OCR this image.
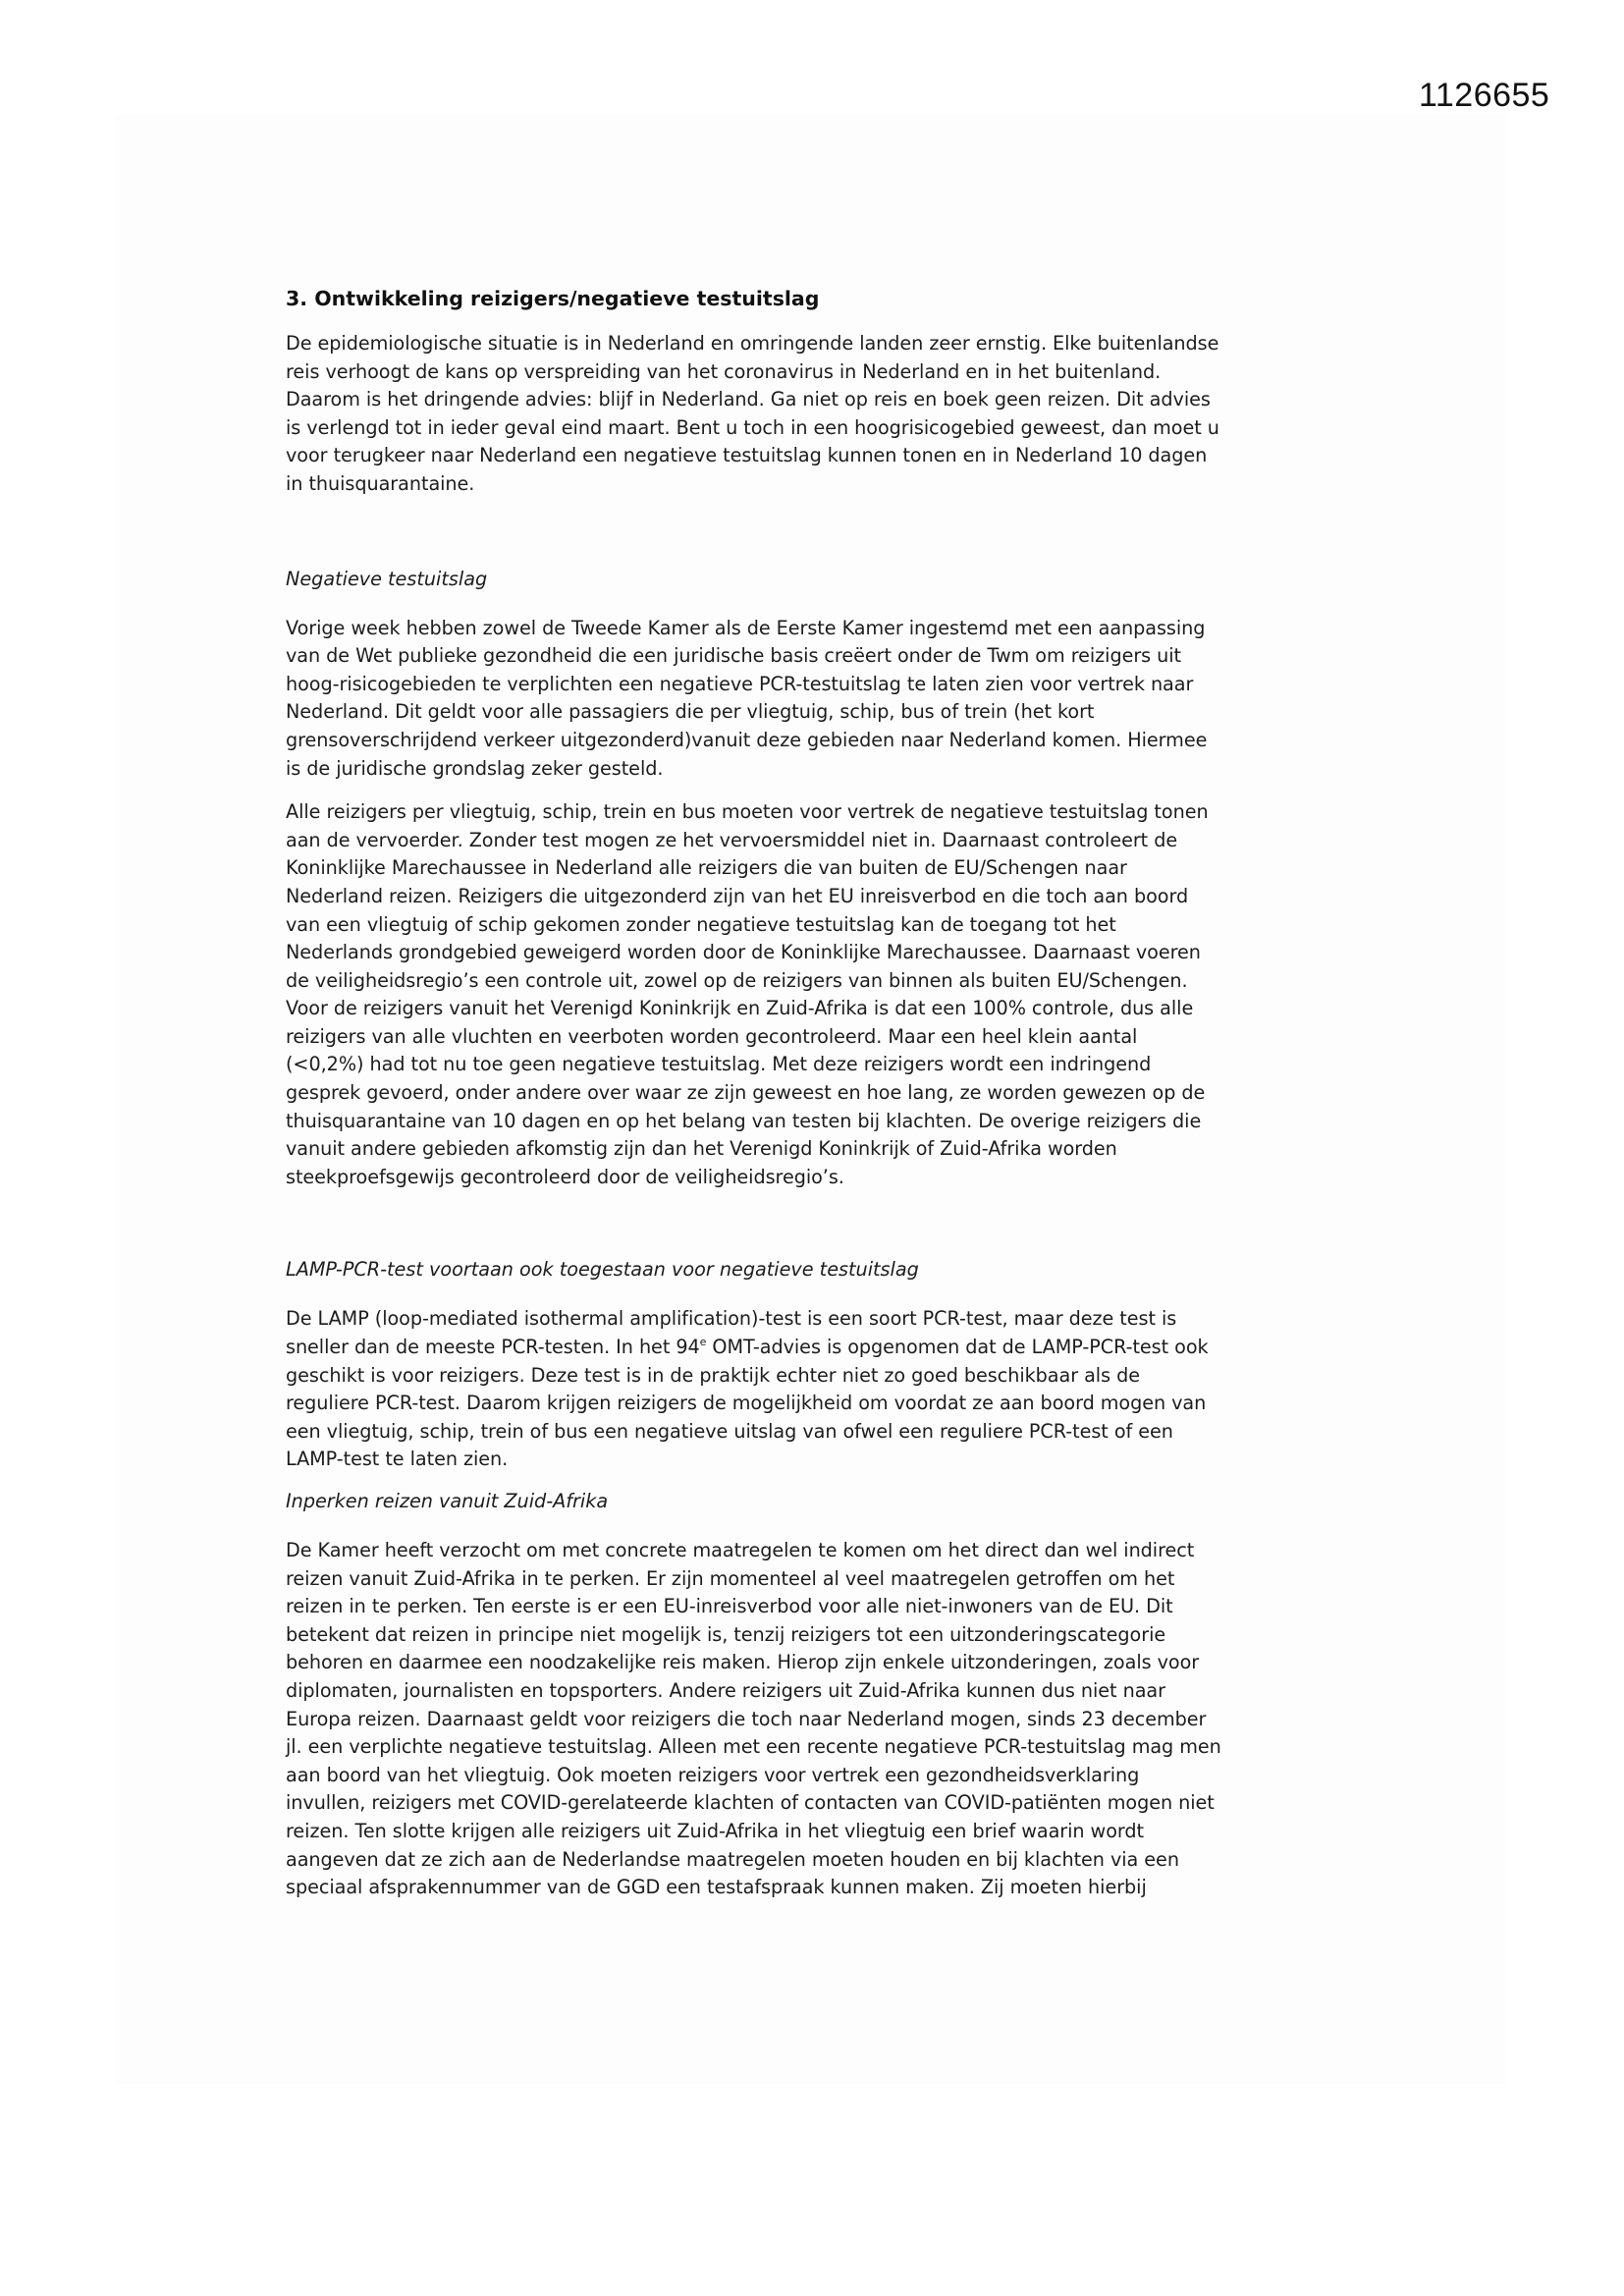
1126655
3. Ontwikkeling reizigers/negatieve testuitslag
De epidemiologische situatie is in Nederland en omringende landen zeer ernstig. Elke buitenlandse
reis verhoogt de kans op verspreiding van het coronavirus in Nederland en in het buitenland.
Daarom is het dringende advies: blijf in Nederland. Ga niet op reis en boek geen reizen. Dit advies
is verlengd tot in ieder geval eind maart. Bent u toch in een hoogrisicogebied geweest, dan moet u
voor terugkeer naar Nederland een negatieve testuitslag kunnen tonen en in Nederland 10 dagen
in thuisquarantaine.
Negatieve testuitslag
Vorige week hebben zowel de Tweede Kamer als de Eerste Kamer ingestemd met een aanpassing
van de Wet publieke gezondheid die een juridische basis creëert onder de Twm om reizigers uit
hoog-risicogebieden te verplichten een negatieve PCR-testuitslag te laten zien voor vertrek naar
Nederland. Dit geldt voor alle passagiers die per vliegtuig, schip, bus of trein (het kort
grensoverschrijdend verkeer uitgezonderd)vanuit deze gebieden naar Nederland komen. Hiermee
is de juridische grondslag zeker gesteld.
Alle reizigers per vliegtuig, schip, trein en bus moeten voor vertrek de negatieve testuitslag tonen
aan de vervoerder. Zonder test mogen ze het vervoersmiddel niet in. Daarnaast controleert de
Koninklijke Marechaussee in Nederland alle reizigers die van buiten de EU/Schengen naar
Nederland reizen. Reizigers die uitgezonderd zijn van het EU inreisverbod en die toch aan boord
van een vliegtuig of schip gekomen zonder negatieve testuitslag kan de toegang tot het
Nederlands grondgebied geweigerd worden door de Koninklijke Marechaussee. Daarnaast voeren
de veiligheidsregio’s een controle uit, zowel op de reizigers van binnen als buiten EU/Schengen.
Voor de reizigers vanuit het Verenigd Koninkrijk en Zuid-Afrika is dat een 100% controle, dus alle
reizigers van alle vluchten en veerboten worden gecontroleerd. Maar een heel klein aantal
(<0,2%) had tot nu toe geen negatieve testuitslag. Met deze reizigers wordt een indringend
gesprek gevoerd, onder andere over waar ze zijn geweest en hoe lang, ze worden gewezen op de
thuisquarantaine van 10 dagen en op het belang van testen bij klachten. De overige reizigers die
vanuit andere gebieden afkomstig zijn dan het Verenigd Koninkrijk of Zuid-Afrika worden
steekproefsgewijs gecontroleerd door de veiligheidsregio’s.
LAMP-PCR-test voortaan ook toegestaan voor negatieve testuitslag
De LAMP (loop-mediated isothermal amplification)-test is een soort PCR-test, maar deze test is
sneller dan de meeste PCR-testen. In het 94e OMT-advies is opgenomen dat de LAMP-PCR-test ook
geschikt is voor reizigers. Deze test is in de praktijk echter niet zo goed beschikbaar als de
reguliere PCR-test. Daarom krijgen reizigers de mogelijkheid om voordat ze aan boord mogen van
een vliegtuig, schip, trein of bus een negatieve uitslag van ofwel een reguliere PCR-test of een
LAMP-test te laten zien.
Inperken reizen vanuit Zuid-Afrika
De Kamer heeft verzocht om met concrete maatregelen te komen om het direct dan wel indirect
reizen vanuit Zuid-Afrika in te perken. Er zijn momenteel al veel maatregelen getroffen om het
reizen in te perken. Ten eerste is er een EU-inreisverbod voor alle niet-inwoners van de EU. Dit
betekent dat reizen in principe niet mogelijk is, tenzij reizigers tot een uitzonderingscategorie
behoren en daarmee een noodzakelijke reis maken. Hierop zijn enkele uitzonderingen, zoals voor
diplomaten, journalisten en topsporters. Andere reizigers uit Zuid-Afrika kunnen dus niet naar
Europa reizen. Daarnaast geldt voor reizigers die toch naar Nederland mogen, sinds 23 december
jl. een verplichte negatieve testuitslag. Alleen met een recente negatieve PCR-testuitslag mag men
aan boord van het vliegtuig. Ook moeten reizigers voor vertrek een gezondheidsverklaring
invullen, reizigers met COVID-gerelateerde klachten of contacten van COVID-patiënten mogen niet
reizen. Ten slotte krijgen alle reizigers uit Zuid-Afrika in het vliegtuig een brief waarin wordt
aangeven dat ze zich aan de Nederlandse maatregelen moeten houden en bij klachten via een
speciaal afsprakennummer van de GGD een testafspraak kunnen maken. Zij moeten hierbij
